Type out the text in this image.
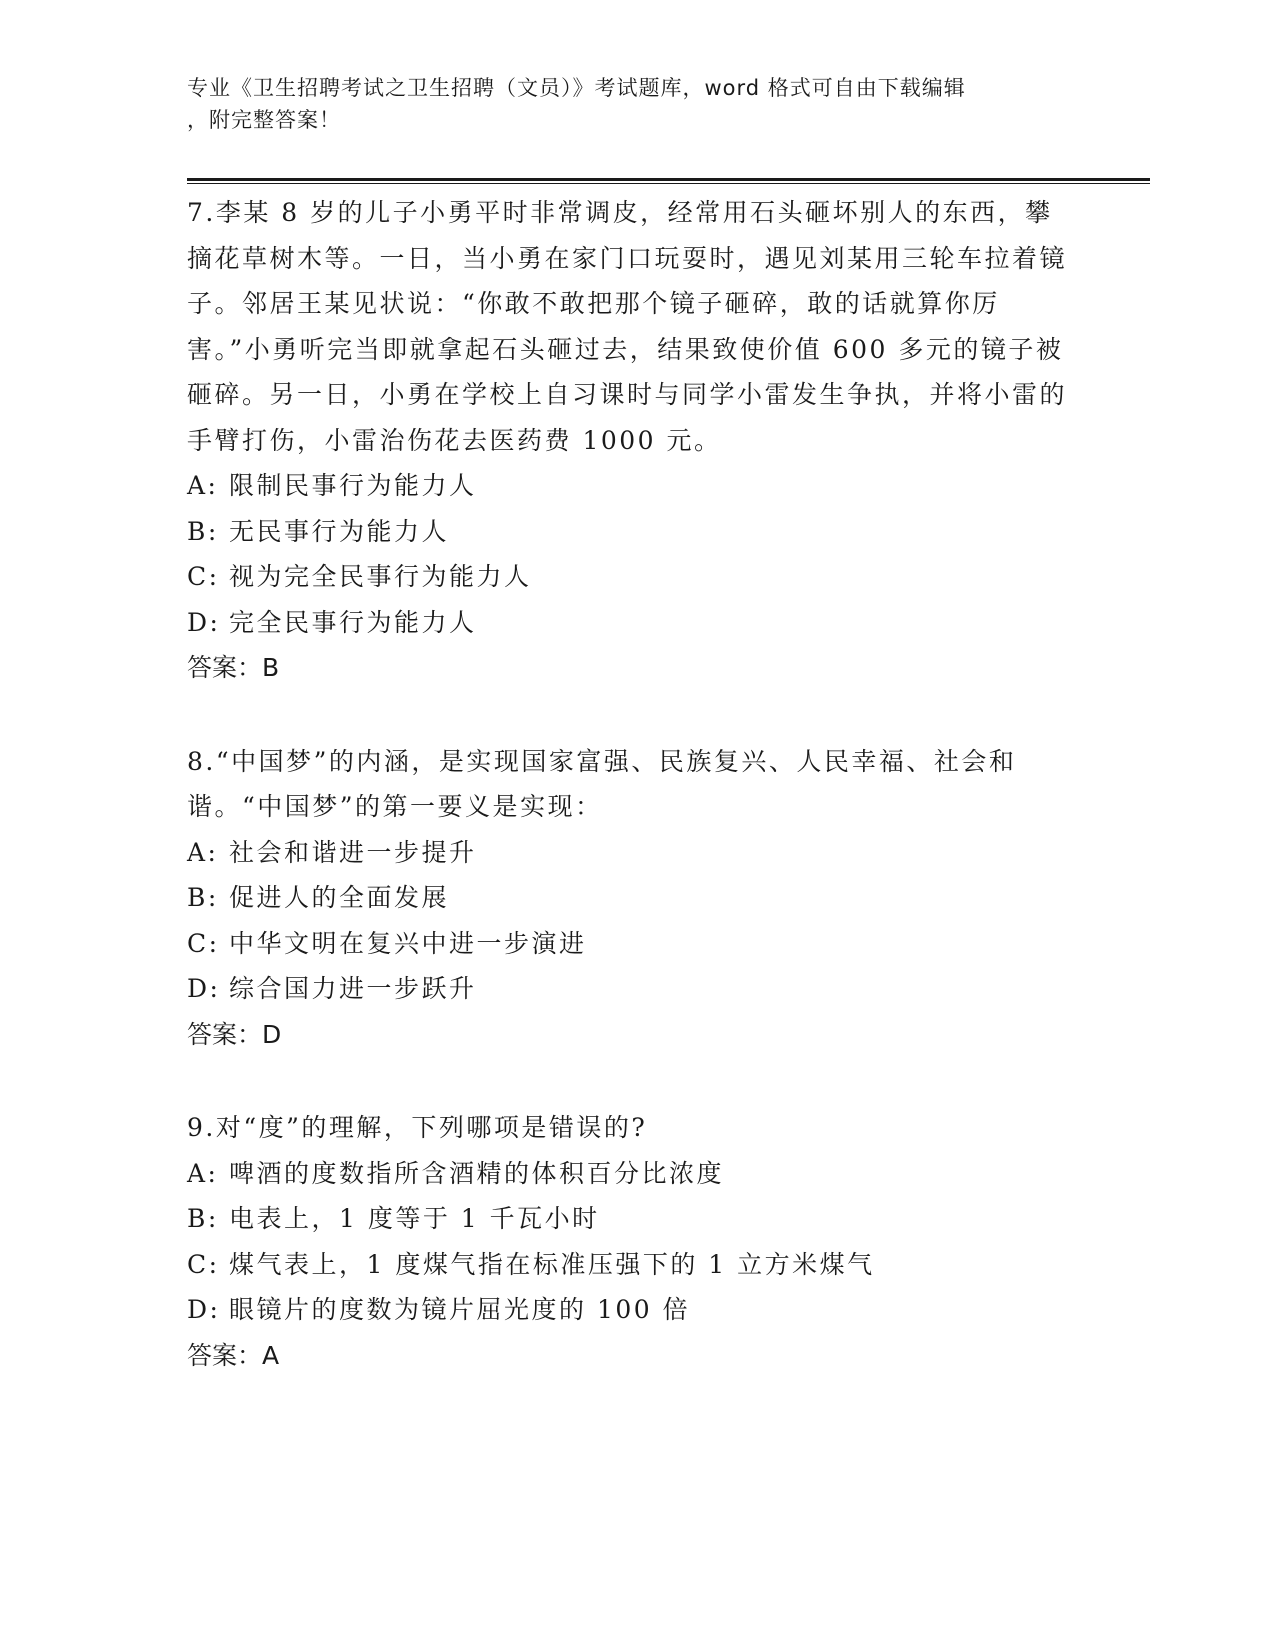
专业《卫生招聘考试之卫生招聘（文员）》考试题库，word 格式可自由下载编辑
，附完整答案！

7.李某 8 岁的儿子小勇平时非常调皮，经常用石头砸坏别人的东西，攀摘花草树木等。一日，当小勇在家门口玩耍时，遇见刘某用三轮车拉着镜子。邻居王某见状说：“你敢不敢把那个镜子砸碎，敢的话就算你厉害。”小勇听完当即就拿起石头砸过去，结果致使价值 600 多元的镜子被砸碎。另一日，小勇在学校上自习课时与同学小雷发生争执，并将小雷的手臂打伤，小雷治伤花去医药费 1000 元。

A: 限制民事行为能力人

B: 无民事行为能力人

C: 视为完全民事行为能力人

D: 完全民事行为能力人

答案：B

8.“中国梦”的内涵，是实现国家富强、民族复兴、人民幸福、社会和谐。“中国梦”的第一要义是实现：

A: 社会和谐进一步提升

B: 促进人的全面发展

C: 中华文明在复兴中进一步演进

D: 综合国力进一步跃升

答案：D

9.对“度”的理解，下列哪项是错误的?

A: 啤酒的度数指所含酒精的体积百分比浓度

B: 电表上，1 度等于 1 千瓦小时

C: 煤气表上，1 度煤气指在标准压强下的 1 立方米煤气

D: 眼镜片的度数为镜片屈光度的 100 倍

答案：A
